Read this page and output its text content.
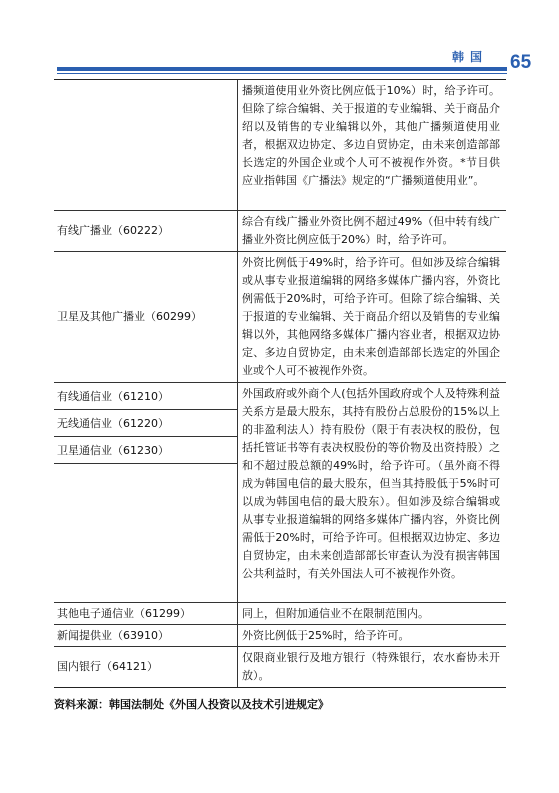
韩国 65
播频道使用业外资比例应低于10%）时，给予许可。但除了综合编辑、关于报道的专业编辑、关于商品介绍以及销售的专业编辑以外，其他广播频道使用业者，根据双边协定、多边自贸协定，由未来创造部部长选定的外国企业或个人可不被视作外资。*节目供应业指韩国《广播法》规定的“广播频道使用业”。
有线广播业（60222）
综合有线广播业外资比例不超过49%（但中转有线广播业外资比例应低于20%）时，给予许可。
卫星及其他广播业（60299）
外资比例低于49%时，给予许可。但如涉及综合编辑或从事专业报道编辑的网络多媒体广播内容，外资比例需低于20%时，可给予许可。但除了综合编辑、关于报道的专业编辑、关于商品介绍以及销售的专业编辑以外，其他网络多媒体广播内容业者，根据双边协定、多边自贸协定，由未来创造部部长选定的外国企业或个人可不被视作外资。
有线通信业（61210）
无线通信业（61220）
卫星通信业（61230）
外国政府或外商个人(包括外国政府或个人及特殊利益关系方是最大股东，其持有股份占总股份的15%以上的非盈利法人）持有股份（限于有表决权的股份，包括托管证书等有表决权股份的等价物及出资持股）之和不超过股总额的49%时，给予许可。（虽外商不得成为韩国电信的最大股东，但当其持股低于5%时可以成为韩国电信的最大股东）。但如涉及综合编辑或从事专业报道编辑的网络多媒体广播内容，外资比例需低于20%时，可给予许可。但根据双边协定、多边自贸协定，由未来创造部部长审查认为没有损害韩国公共利益时，有关外国法人可不被视作外资。
其他电子通信业（61299）	同上，但附加通信业不在限制范围内。
新闻提供业（63910）	外资比例低于25%时，给予许可。
国内银行（64121）
仅限商业银行及地方银行（特殊银行，农水畜协未开放）。
资料来源：韩国法制处《外国人投资以及技术引进规定》
